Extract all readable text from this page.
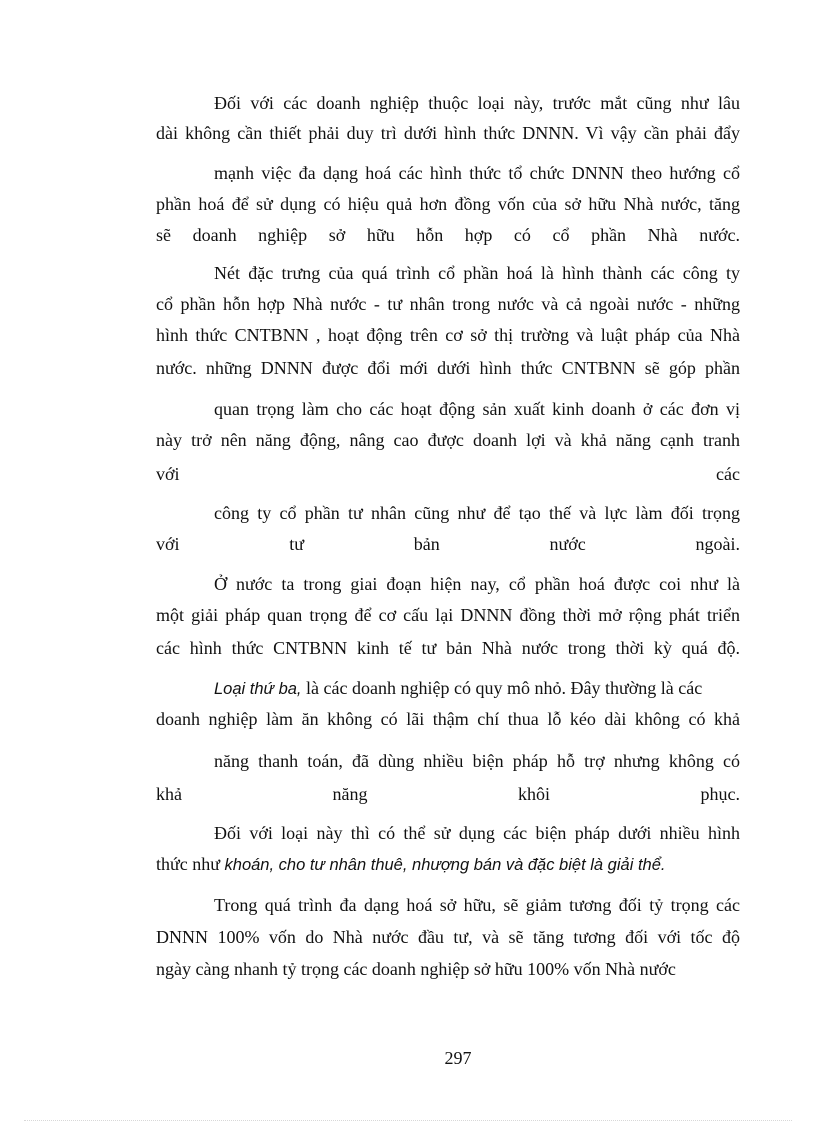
Đối với các doanh nghiệp thuộc loại này, trước mắt cũng như lâu
dài không cần thiết phải duy trì dưới hình thức DNNN. Vì vậy cần phải đẩy
mạnh việc đa dạng hoá các hình thức tổ chức DNNN theo hướng cổ
phần hoá để sử dụng có hiệu quả hơn đồng vốn của sở hữu Nhà nước, tăng
sẽ doanh nghiệp sở hữu hỗn hợp có cổ phần Nhà nước.
Nét đặc trưng của quá trình cổ phần hoá là hình thành các công ty
cổ phần hỗn hợp Nhà nước - tư nhân trong nước và cả ngoài nước - những
hình thức CNTBNN , hoạt động trên cơ sở thị trường và luật pháp của Nhà
nước. những DNNN được đổi mới dưới hình thức CNTBNN sẽ góp phần
quan trọng làm cho các hoạt động sản xuất kinh doanh ở các đơn vị
này trở nên năng động, nâng cao được doanh lợi và khả năng cạnh tranh
với các
công ty cổ phần tư nhân cũng như để tạo thế và lực làm đối trọng
với tư bản nước ngoài.
Ở nước ta trong giai đoạn hiện nay, cổ phần hoá được coi như là
một giải pháp quan trọng để cơ cấu lại DNNN đồng thời mở rộng phát triển
các hình thức CNTBNN kinh tế tư bản Nhà nước trong thời kỳ quá độ.
Loại thứ ba, là các doanh nghiệp có quy mô nhỏ. Đây thường là các
doanh nghiệp làm ăn không có lãi thậm chí thua lỗ kéo dài không có khả
năng thanh toán, đã dùng nhiều biện pháp hỗ trợ nhưng không có
khả năng khôi phục.
Đối với loại này thì có thể sử dụng các biện pháp dưới nhiều hình
thức như khoán, cho tư nhân thuê, nhượng bán và đặc biệt là giải thể.
Trong quá trình đa dạng hoá sở hữu, sẽ giảm tương đối tỷ trọng các
DNNN 100% vốn do Nhà nước đầu tư, và sẽ tăng tương đối với tốc độ
ngày càng nhanh tỷ trọng các doanh nghiệp sở hữu 100% vốn Nhà nước
297
